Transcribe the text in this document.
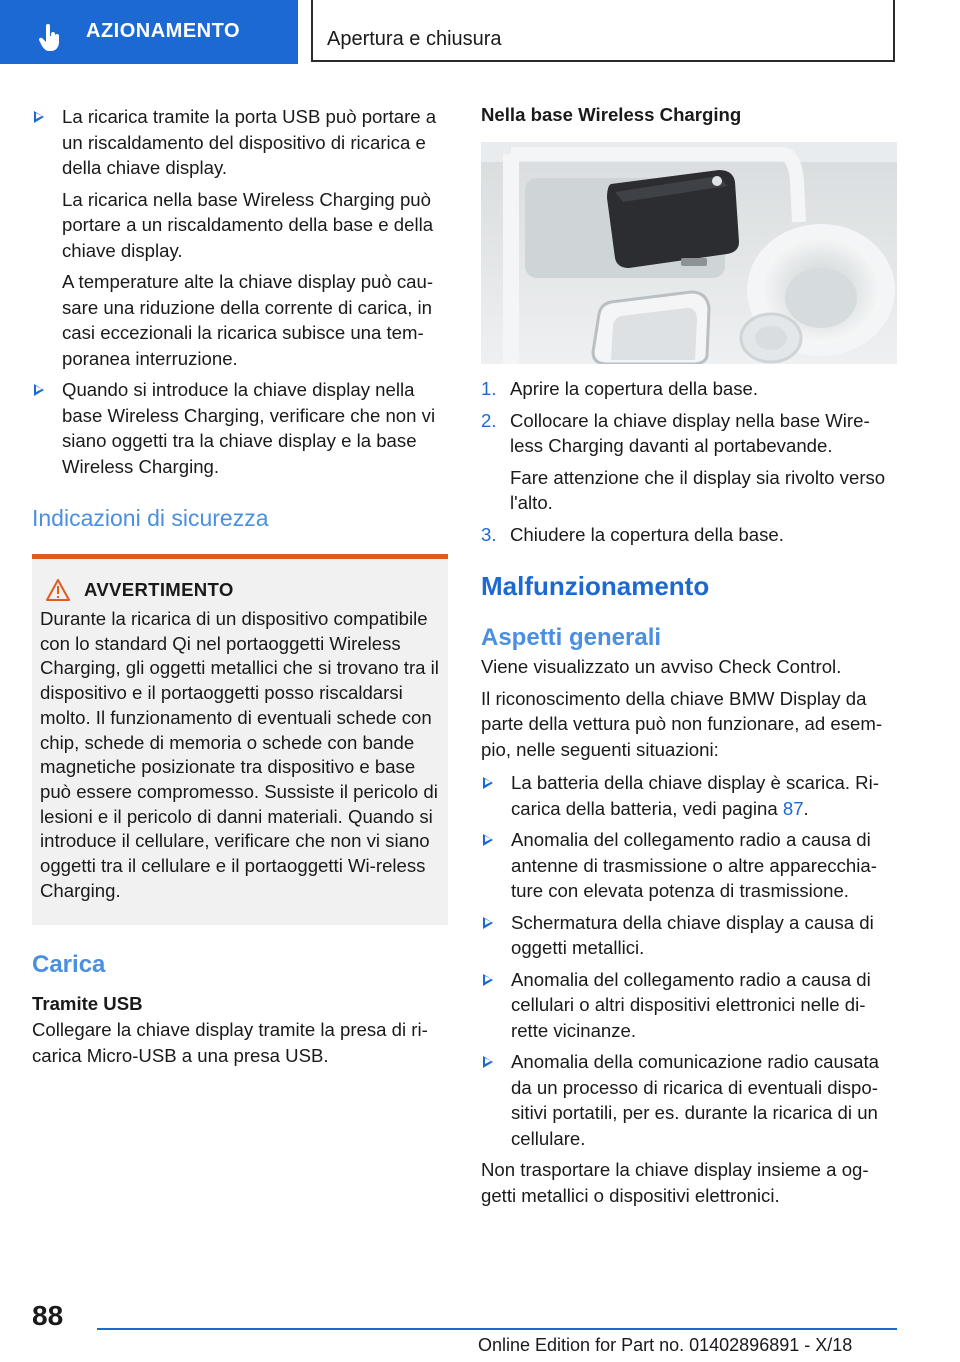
AZIONAMENTO	Apertura e chiusura

La ricarica tramite la porta USB può portare a un riscaldamento del dispositivo di ricarica e della chiave display.

La ricarica nella base Wireless Charging può portare a un riscaldamento della base e della chiave display.

A temperature alte la chiave display può cau-sare una riduzione della corrente di carica, in casi eccezionali la ricarica subisce una tem-poranea interruzione.

Quando si introduce la chiave display nella base Wireless Charging, verificare che non vi siano oggetti tra la chiave display e la base Wireless Charging.

Indicazioni di sicurezza
AVVERTIMENTO

Durante la ricarica di un dispositivo compatibile con lo standard Qi nel portaoggetti Wireless Charging, gli oggetti metallici che si trovano tra il dispositivo e il portaoggetti posso riscaldarsi molto. Il funzionamento di eventuali schede con chip, schede di memoria o schede con bande magnetiche posizionate tra dispositivo e base può essere compromesso. Sussiste il pericolo di lesioni e il pericolo di danni materiali. Quando si introduce il cellulare, verificare che non vi siano oggetti tra il cellulare e il portaoggetti Wi-reless Charging.

Carica
Tramite USB

Collegare la chiave display tramite la presa di ri-carica Micro-USB a una presa USB.

Nella base Wireless Charging
1. Aprire la copertura della base.

2. Collocare la chiave display nella base Wire-less Charging davanti al portabevande.

Fare attenzione che il display sia rivolto verso l'alto.

3. Chiudere la copertura della base.

Malfunzionamento
Aspetti generali

Viene visualizzato un avviso Check Control.

Il riconoscimento della chiave BMW Display da parte della vettura può non funzionare, ad esem-pio, nelle seguenti situazioni:

La batteria della chiave display è scarica. Ri-carica della batteria, vedi pagina 87.

Anomalia del collegamento radio a causa di antenne di trasmissione o altre apparecchia-ture con elevata potenza di trasmissione.

Schermatura della chiave display a causa di oggetti metallici.

Anomalia del collegamento radio a causa di cellulari o altri dispositivi elettronici nelle di-rette vicinanze.

Anomalia della comunicazione radio causata da un processo di ricarica di eventuali dispo-sitivi portatili, per es. durante la ricarica di un cellulare.

Non trasportare la chiave display insieme a og-getti metallici o dispositivi elettronici.

88
Online Edition for Part no. 01402896891 - X/18
